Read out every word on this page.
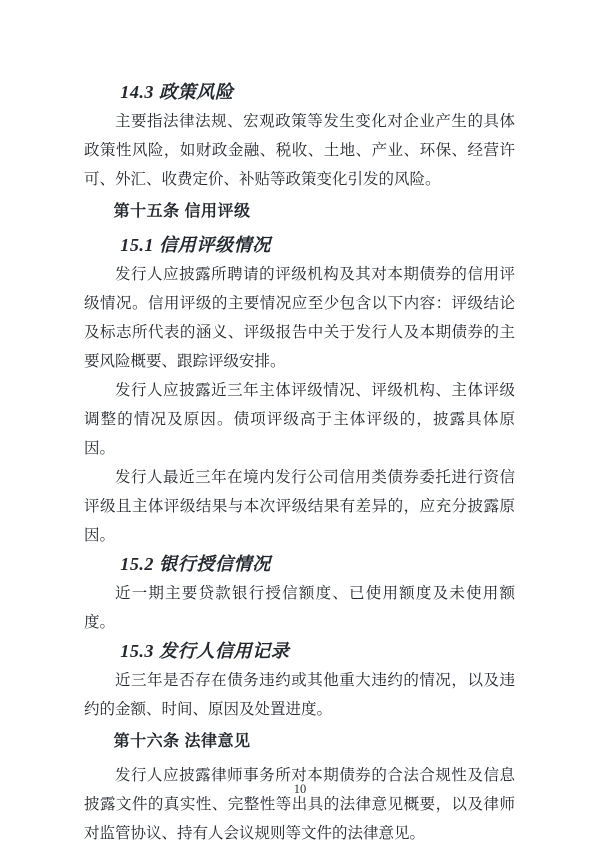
14.3 政策风险

主要指法律法规、宏观政策等发生变化对企业产生的具体政策性风险，如财政金融、税收、土地、产业、环保、经营许可、外汇、收费定价、补贴等政策变化引发的风险。

第十五条 信用评级
15.1 信用评级情况

发行人应披露所聘请的评级机构及其对本期债券的信用评级情况。信用评级的主要情况应至少包含以下内容：评级结论及标志所代表的涵义、评级报告中关于发行人及本期债券的主要风险概要、跟踪评级安排。

发行人应披露近三年主体评级情况、评级机构、主体评级调整的情况及原因。债项评级高于主体评级的，披露具体原因。

发行人最近三年在境内发行公司信用类债券委托进行资信评级且主体评级结果与本次评级结果有差异的，应充分披露原因。

15.2 银行授信情况

近一期主要贷款银行授信额度、已使用额度及未使用额度。

15.3 发行人信用记录

近三年是否存在债务违约或其他重大违约的情况，以及违约的金额、时间、原因及处置进度。

第十六条 法律意见

发行人应披露律师事务所对本期债券的合法合规性及信息披露文件的真实性、完整性等出具的法律意见概要，以及律师对监管协议、持有人会议规则等文件的法律意见。

10
